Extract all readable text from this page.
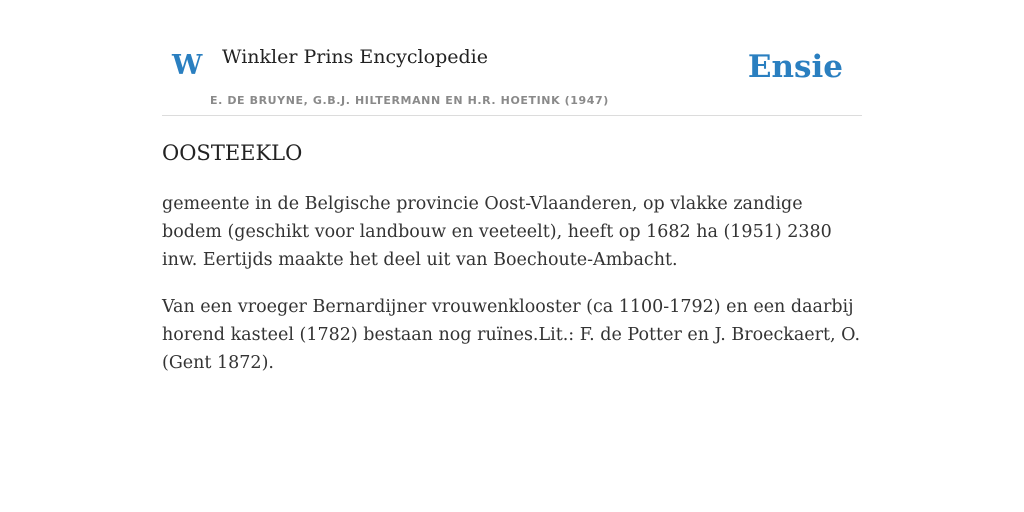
W Winkler Prins Encyclopedie
E. DE BRUYNE, G.B.J. HILTERMANN EN H.R. HOETINK (1947)
Ensie
OOSTEEKLO

gemeente in de Belgische provincie Oost-Vlaanderen, op vlakke zandige bodem (geschikt voor landbouw en veeteelt), heeft op 1682 ha (1951) 2380 inw. Eertijds maakte het deel uit van Boechoute-Ambacht.

Van een vroeger Bernardijner vrouwenklooster (ca 1100-1792) en een daarbij horend kasteel (1782) bestaan nog ruïnes.Lit.: F. de Potter en J. Broeckaert, O. (Gent 1872).
